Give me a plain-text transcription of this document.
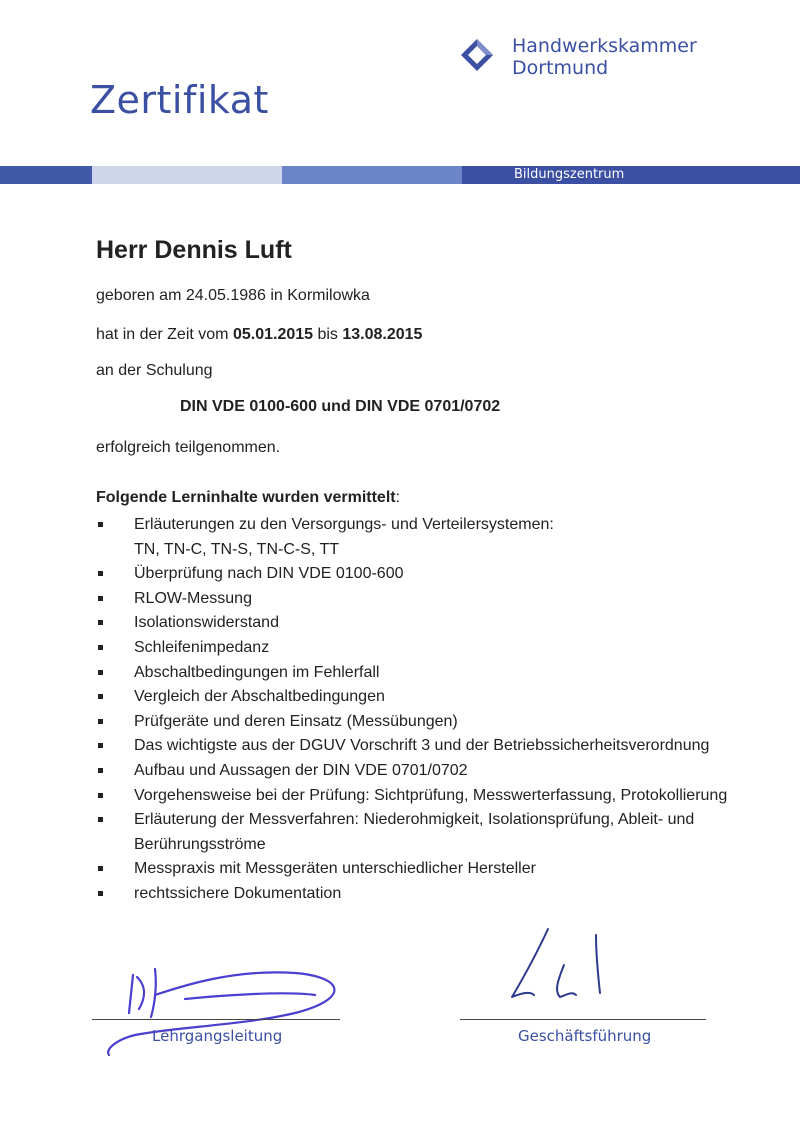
Zertifikat
Handwerkskammer
Dortmund
Bildungszentrum
Herr Dennis Luft
geboren am 24.05.1986 in Kormilowka
hat in der Zeit vom 05.01.2015 bis 13.08.2015
an der Schulung
DIN VDE 0100-600 und DIN VDE 0701/0702
erfolgreich teilgenommen.
Folgende Lerninhalte wurden vermittelt:
Erläuterungen zu den Versorgungs- und Verteilersystemen:
TN, TN-C, TN-S, TN-C-S, TT
Überprüfung nach DIN VDE 0100-600
RLOW-Messung
Isolationswiderstand
Schleifenimpedanz
Abschaltbedingungen im Fehlerfall
Vergleich der Abschaltbedingungen
Prüfgeräte und deren Einsatz (Messübungen)
Das wichtigste aus der DGUV Vorschrift 3 und der Betriebssicherheitsverordnung
Aufbau und Aussagen der DIN VDE 0701/0702
Vorgehensweise bei der Prüfung: Sichtprüfung, Messwerterfassung, Protokollierung
Erläuterung der Messverfahren: Niederohmigkeit, Isolationsprüfung, Ableit- und Berührungsströme
Messpraxis mit Messgeräten unterschiedlicher Hersteller
rechtssichere Dokumentation
Lehrgangsleitung	Geschäftsführung
